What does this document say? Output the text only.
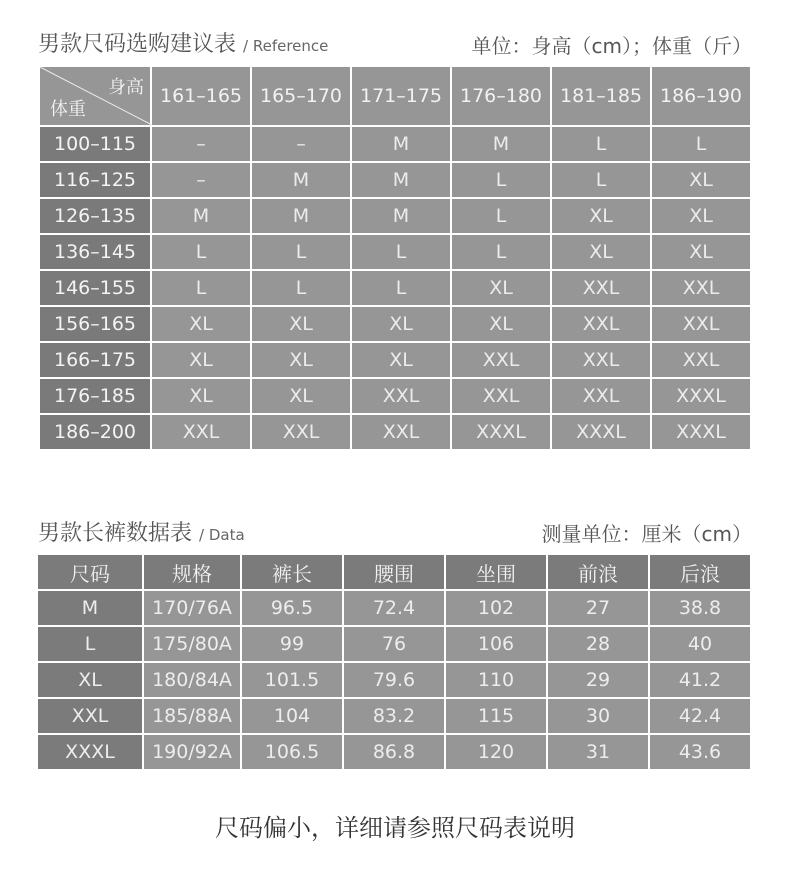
男款尺码选购建议表 / Reference	单位：身高（cm）；体重（斤）
身高
体重	161–165	165–170	171–175	176–180	181–185	186–190
100–115	–	–	M	M	L	L
116–125	–	M	M	L	L	XL
126–135	M	M	M	L	XL	XL
136–145	L	L	L	L	XL	XL
146–155	L	L	L	XL	XXL	XXL
156–165	XL	XL	XL	XL	XXL	XXL
166–175	XL	XL	XL	XXL	XXL	XXL
176–185	XL	XL	XXL	XXL	XXL	XXXL
186–200	XXL	XXL	XXL	XXXL	XXXL	XXXL
男款长裤数据表 / Data	测量单位：厘米（cm）
尺码	规格	裤长	腰围	坐围	前浪	后浪
M	170/76A	96.5	72.4	102	27	38.8
L	175/80A	99	76	106	28	40
XL	180/84A	101.5	79.6	110	29	41.2
XXL	185/88A	104	83.2	115	30	42.4
XXXL	190/92A	106.5	86.8	120	31	43.6
尺码偏小，详细请参照尺码表说明
